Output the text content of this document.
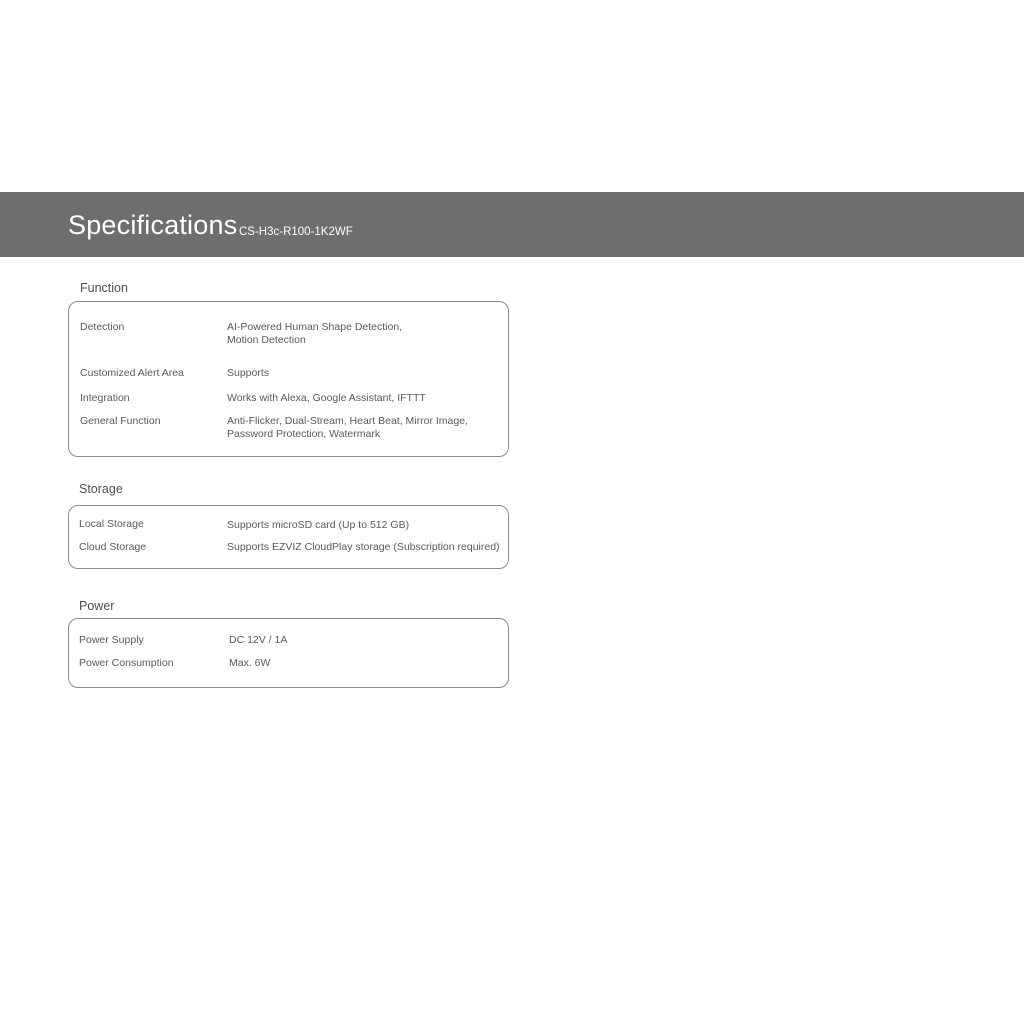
Specifications CS-H3c-R100-1K2WF
Function
Detection	AI-Powered Human Shape Detection,
Motion Detection
Customized Alert Area	Supports
Integration	Works with Alexa, Google Assistant, IFTTT
General Function	Anti-Flicker, Dual-Stream, Heart Beat, Mirror Image,
Password Protection, Watermark
Storage
Local Storage	Supports microSD card (Up to 512 GB)
Cloud Storage	Supports EZVIZ CloudPlay storage (Subscription required)
Power
Power Supply	DC 12V / 1A
Power Consumption	Max. 6W
